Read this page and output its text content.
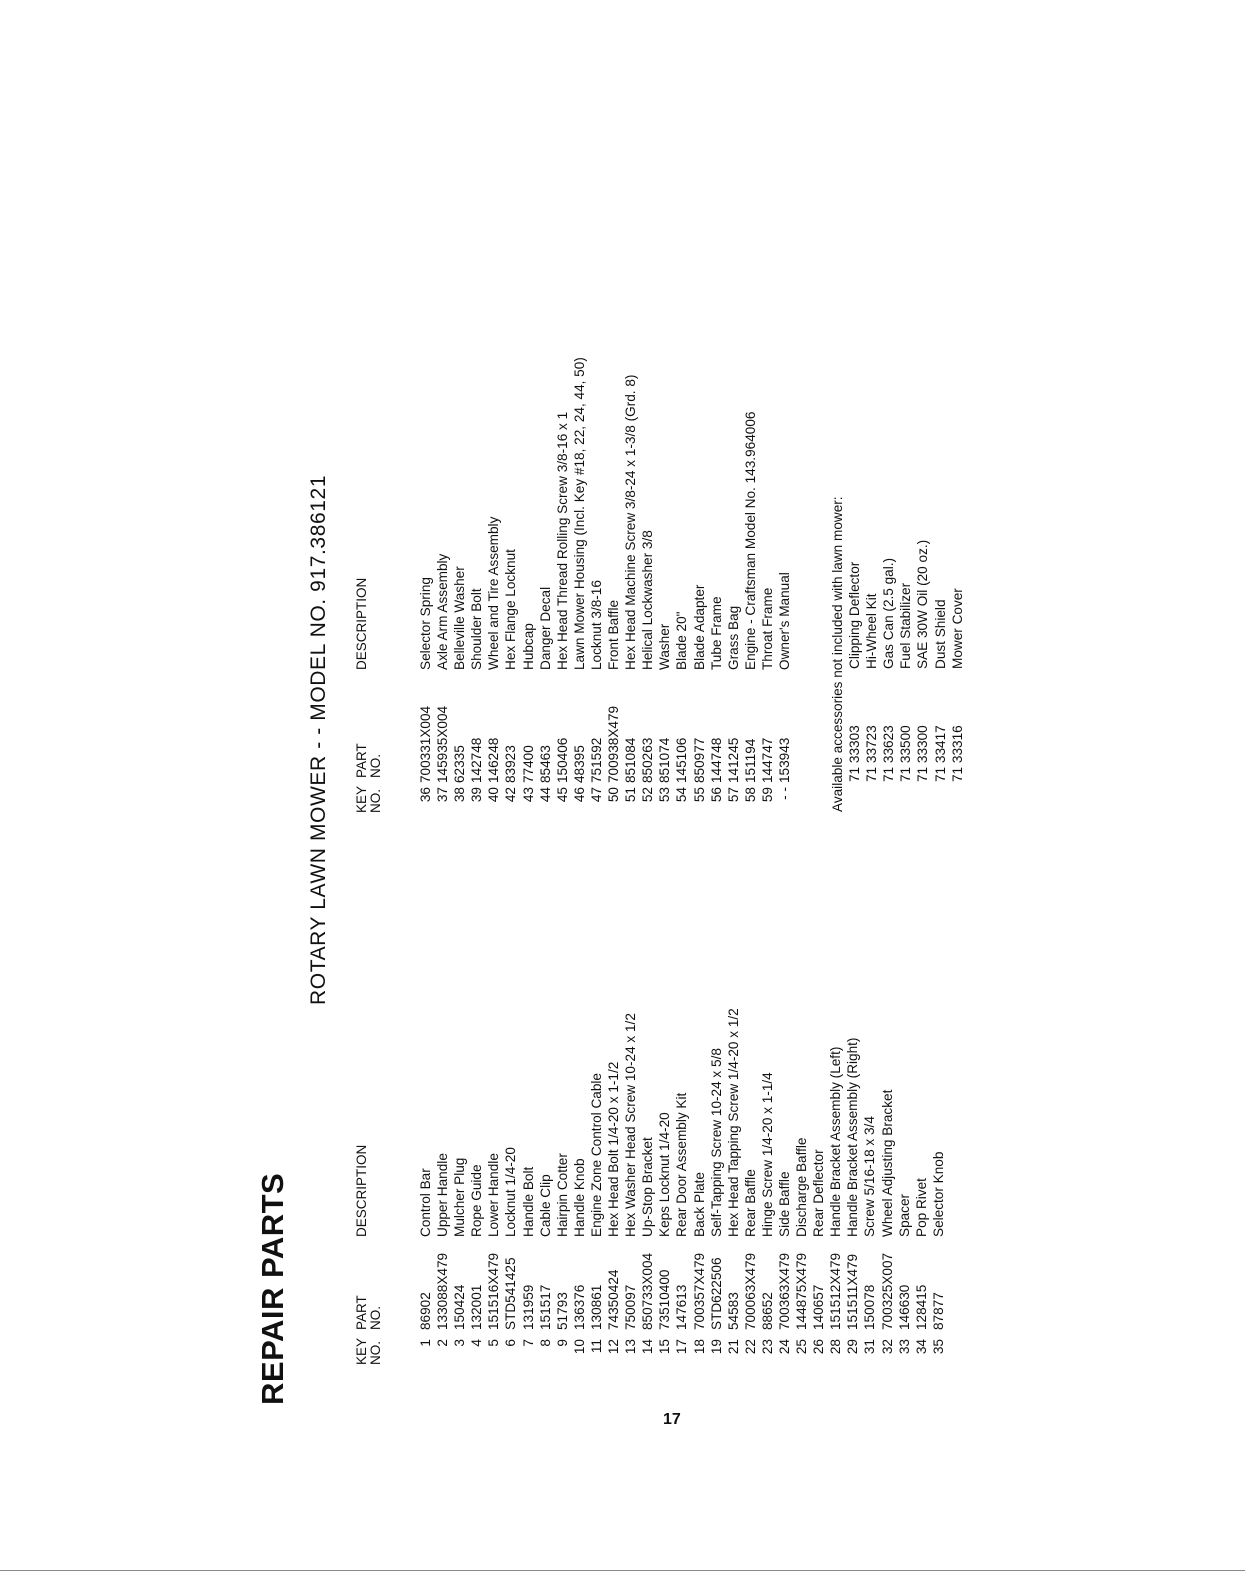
REPAIR PARTS
ROTARY LAWN MOWER - - MODEL NO. 917.386121
KEY NO.
PART NO.
DESCRIPTION
KEY NO.
PART NO.
DESCRIPTION
1 2 3 4 5 6 7 8 9 10 11 12 13 14 15 17 18 19 21 22 23 24 25 26 28 29 31 32 33 34 35
86902 133088X479 150424 132001 151516X479 STD541425 131959 151517 51793 136376 130861 74350424 750097 850733X004 73510400 147613 700357X479 STD622506 54583 700063X479 88652 700363X479 144875X479 140657 151512X479 151511X479 150078 700325X007 146630 128415 87877
Control Bar Upper Handle Mulcher Plug Rope Guide Lower Handle Locknut 1/4-20 Handle Bolt Cable Clip Hairpin Cotter Handle Knob Engine Zone Control Cable Hex Head Bolt 1/4-20 x 1-1/2 Hex Washer Head Screw 10-24 x 1/2 Up-Stop Bracket Keps Locknut 1/4-20 Rear Door Assembly Kit Back Plate Self-Tapping Screw 10-24 x 5/8 Hex Head Tapping Screw 1/4-20 x 1/2 Rear Baffle Hinge Screw 1/4-20 x 1-1/4 Side Baffle Discharge Baffle Rear Deflector Handle Bracket Assembly (Left) Handle Bracket Assembly (Right) Screw 5/16-18 x 3/4 Wheel Adjusting Bracket Spacer Pop Rivet Selector Knob
36 37 38 39 40 42 43 44 45 46 47 50 51 52 53 54 55 56 57 58 59 - -
700331X004 145935X004 62335 142748 146248 83923 77400 85463 150406 48395 751592 700938X479 851084 850263 851074 145106 850977 144748 141245 151194 144747 153943
Selector Spring Axle Arm Assembly Belleville Washer Shoulder Bolt Wheel and Tire Assembly Hex Flange Locknut Hubcap Danger Decal Hex Head Thread Rolling Screw 3/8-16 x 1 Lawn Mower Housing (Incl. Key #18, 22, 24, 44, 50) Locknut 3/8-16 Front Baffle Hex Head Machine Screw 3/8-24 x 1-3/8 (Grd. 8) Helical Lockwasher 3/8 Washer Blade 20" Blade Adapter Tube Frame Grass Bag Engine - Craftsman Model No. 143.964006 Throat Frame Owner's Manual	Available accessories not included with lawn mower: 71 33303Clipping Deflector
71 33723Hi-Wheel Kit
71 33623Gas Can (2.5 gal.)
71 33500Fuel Stabilizer
71 33300SAE 30W Oil (20 oz.)
71 33417Dust Shield
71 33316Mower Cover
17
